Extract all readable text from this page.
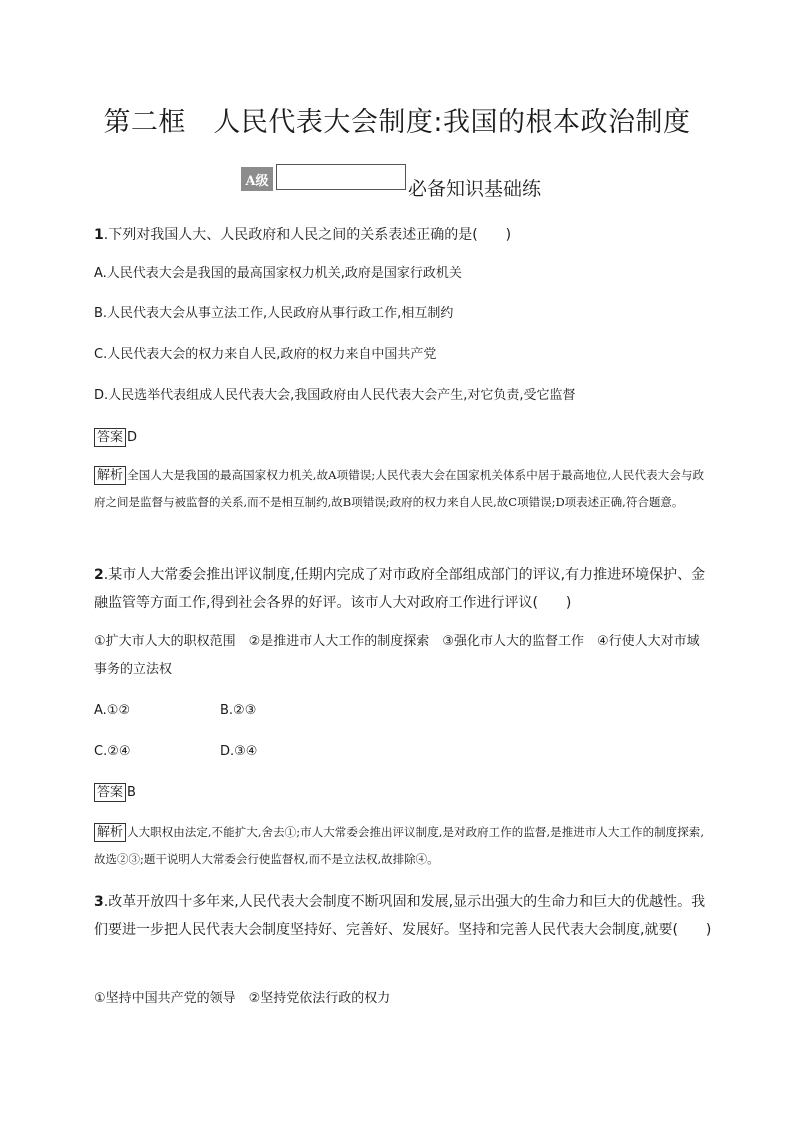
第二框　人民代表大会制度:我国的根本政治制度
A级	必备知识基础练
1.下列对我国人大、人民政府和人民之间的关系表述正确的是(　　)
A.人民代表大会是我国的最高国家权力机关,政府是国家行政机关
B.人民代表大会从事立法工作,人民政府从事行政工作,相互制约
C.人民代表大会的权力来自人民,政府的权力来自中国共产党
D.人民选举代表组成人民代表大会,我国政府由人民代表大会产生,对它负责,受它监督
答案 D
解析 全国人大是我国的最高国家权力机关,故A项错误;人民代表大会在国家机关体系中居于最高地位,人民代表大会与政府之间是监督与被监督的关系,而不是相互制约,故B项错误;政府的权力来自人民,故C项错误;D项表述正确,符合题意。
2.某市人大常委会推出评议制度,任期内完成了对市政府全部组成部门的评议,有力推进环境保护、金融监管等方面工作,得到社会各界的好评。该市人大对政府工作进行评议(　　)
①扩大市人大的职权范围　②是推进市人大工作的制度探索　③强化市人大的监督工作　④行使人大对市域事务的立法权
A.①②	B.②③
C.②④	D.③④
答案 B
解析 人大职权由法定,不能扩大,舍去①;市人大常委会推出评议制度,是对政府工作的监督,是推进市人大工作的制度探索,故选②③;题干说明人大常委会行使监督权,而不是立法权,故排除④。
3.改革开放四十多年来,人民代表大会制度不断巩固和发展,显示出强大的生命力和巨大的优越性。我们要进一步把人民代表大会制度坚持好、完善好、发展好。坚持和完善人民代表大会制度,就要(　　)
①坚持中国共产党的领导　②坚持党依法行政的权力
